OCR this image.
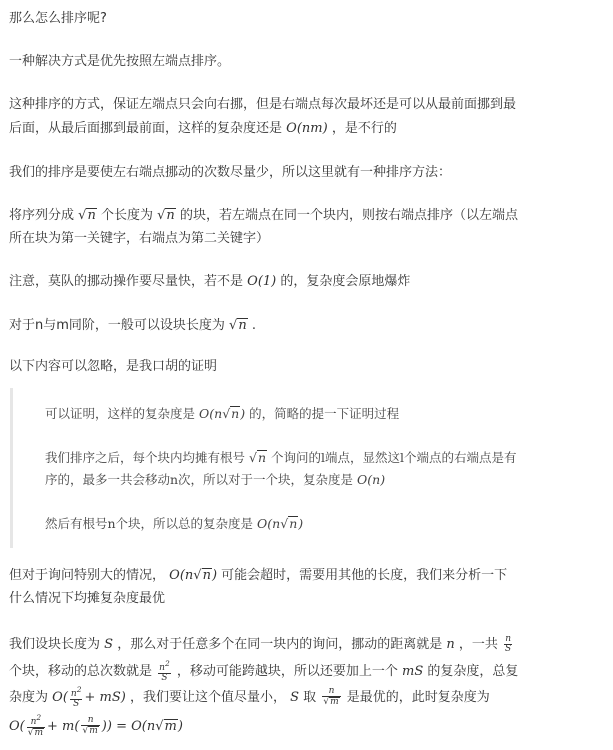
那么怎么排序呢?
一种解决方式是优先按照左端点排序。
这种排序的方式，保证左端点只会向右挪，但是右端点每次最坏还是可以从最前面挪到最
后面，从最后面挪到最前面，这样的复杂度还是 O(nm) ，是不行的
我们的排序是要使左右端点挪动的次数尽量少，所以这里就有一种排序方法：
将序列分成 √n 个长度为 √n 的块，若左端点在同一个块内，则按右端点排序（以左端点
所在块为第一关键字，右端点为第二关键字）
注意，莫队的挪动操作要尽量快，若不是 O(1) 的，复杂度会原地爆炸
对于n与m同阶，一般可以设块长度为 √n .
以下内容可以忽略，是我口胡的证明
可以证明，这样的复杂度是 O(n√n) 的，简略的提一下证明过程
我们排序之后，每个块内均摊有根号 √n 个询问的l端点，显然这l个端点的右端点是有
序的，最多一共会移动n次，所以对于一个块，复杂度是 O(n)
然后有根号n个块，所以总的复杂度是 O(n√n)
但对于询问特别大的情况， O(n√n) 可能会超时，需要用其他的长度，我们来分析一下
什么情况下均摊复杂度最优
我们设块长度为 S ，那么对于任意多个在同一块内的询问，挪动的距离就是 n ，一共 $\frac{n}{S}$
个块，移动的总次数就是 $\frac{n^2}{S}$ ，移动可能跨越块，所以还要加上一个 mS 的复杂度，总复
杂度为 $O( \frac{n^2}{S} + mS)$ ，我们要让这个值尽量小， S 取 $\frac{n}{√m}$ 是最优的，此时复杂度为
$O( \frac{n^2}{√m} + m( \frac{n}{√m}$ )) = O(n√m)
